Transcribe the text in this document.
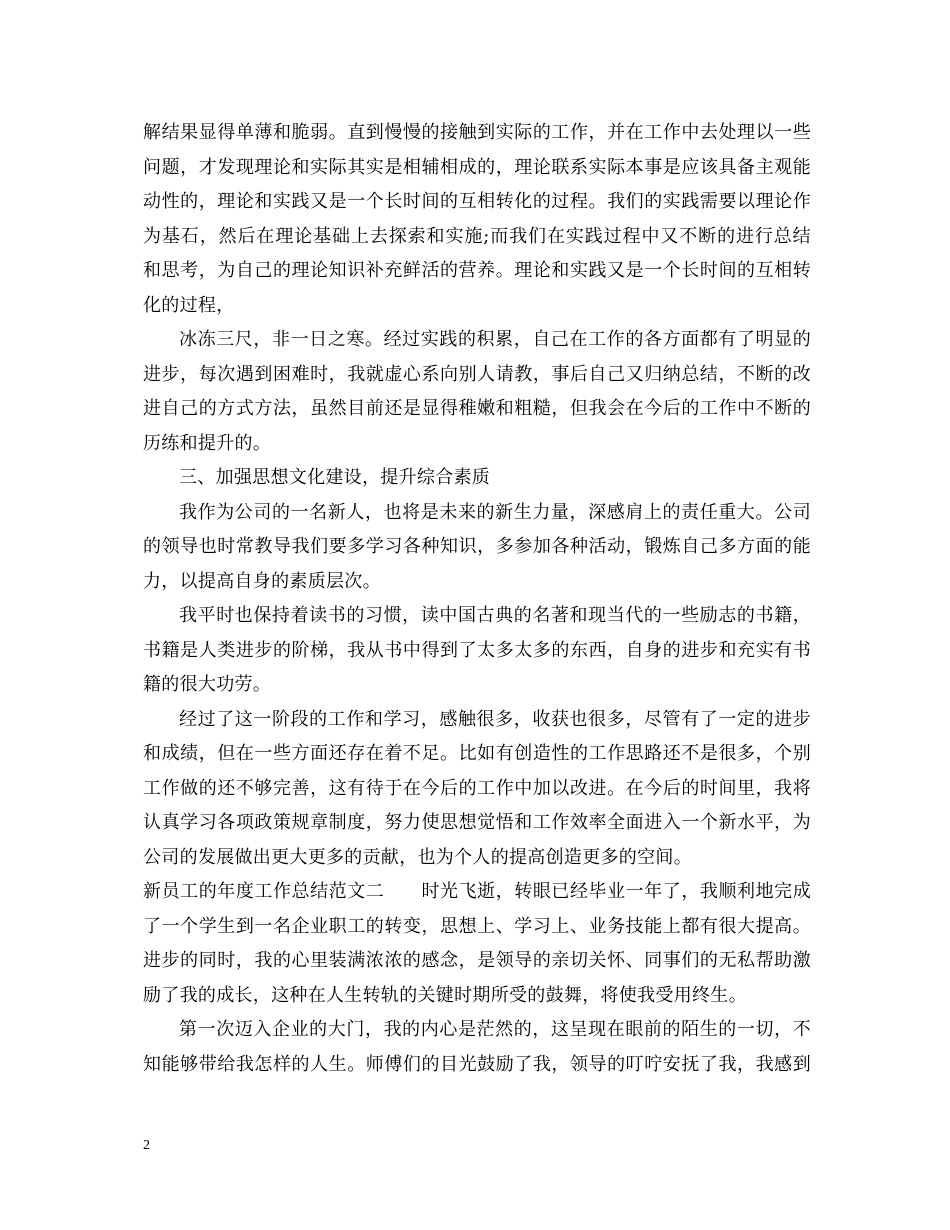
解结果显得单薄和脆弱。直到慢慢的接触到实际的工作，并在工作中去处理以一些
问题，才发现理论和实际其实是相辅相成的，理论联系实际本事是应该具备主观能
动性的，理论和实践又是一个长时间的互相转化的过程。我们的实践需要以理论作
为基石，然后在理论基础上去探索和实施;而我们在实践过程中又不断的进行总结
和思考，为自己的理论知识补充鲜活的营养。理论和实践又是一个长时间的互相转
化的过程，
冰冻三尺，非一日之寒。经过实践的积累，自己在工作的各方面都有了明显的
进步，每次遇到困难时，我就虚心系向别人请教，事后自己又归纳总结，不断的改
进自己的方式方法，虽然目前还是显得稚嫩和粗糙，但我会在今后的工作中不断的
历练和提升的。
三、加强思想文化建设，提升综合素质
我作为公司的一名新人，也将是未来的新生力量，深感肩上的责任重大。公司
的领导也时常教导我们要多学习各种知识，多参加各种活动，锻炼自己多方面的能
力，以提高自身的素质层次。
我平时也保持着读书的习惯，读中国古典的名著和现当代的一些励志的书籍，
书籍是人类进步的阶梯，我从书中得到了太多太多的东西，自身的进步和充实有书
籍的很大功劳。
经过了这一阶段的工作和学习，感触很多，收获也很多，尽管有了一定的进步
和成绩，但在一些方面还存在着不足。比如有创造性的工作思路还不是很多，个别
工作做的还不够完善，这有待于在今后的工作中加以改进。在今后的时间里，我将
认真学习各项政策规章制度，努力使思想觉悟和工作效率全面进入一个新水平，为
公司的发展做出更大更多的贡献，也为个人的提高创造更多的空间。
新员工的年度工作总结范文二　　时光飞逝，转眼已经毕业一年了，我顺利地完成
了一个学生到一名企业职工的转变，思想上、学习上、业务技能上都有很大提高。
进步的同时，我的心里装满浓浓的感念，是领导的亲切关怀、同事们的无私帮助激
励了我的成长，这种在人生转轨的关键时期所受的鼓舞，将使我受用终生。
第一次迈入企业的大门，我的内心是茫然的，这呈现在眼前的陌生的一切，不
知能够带给我怎样的人生。师傅们的目光鼓励了我，领导的叮咛安抚了我，我感到
2
